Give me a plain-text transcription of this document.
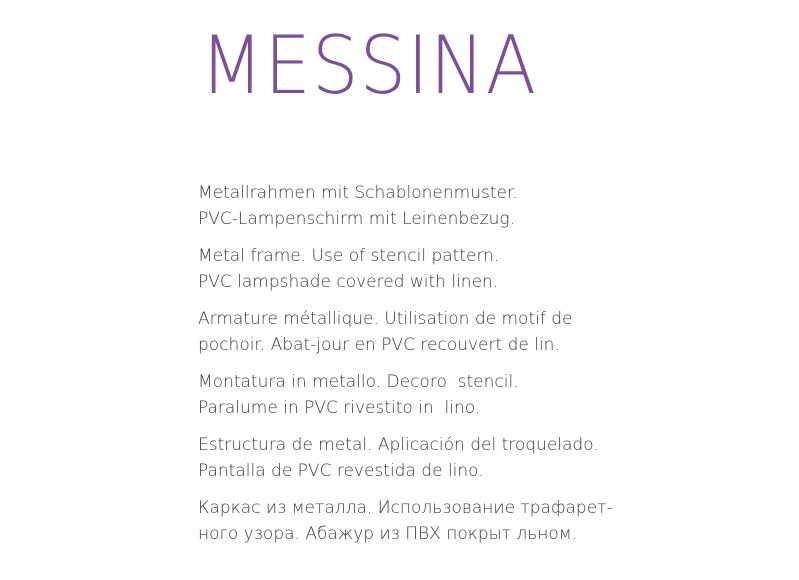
MESSINA

Metallrahmen mit Schablonenmuster.
PVC-Lampenschirm mit Leinenbezug.

Metal frame. Use of stencil pattern.
PVC lampshade covered with linen.

Armature métallique. Utilisation de motif de
pochoir. Abat-jour en PVC recouvert de lin.

Montatura in metallo. Decoro  stencil.
Paralume in PVC rivestito in  lino.

Estructura de metal. Aplicación del troquelado.
Pantalla de PVC revestida de lino.

Каркас из металла. Использование трафарет-
ного узора. Абажур из ПВХ покрыт льном.
